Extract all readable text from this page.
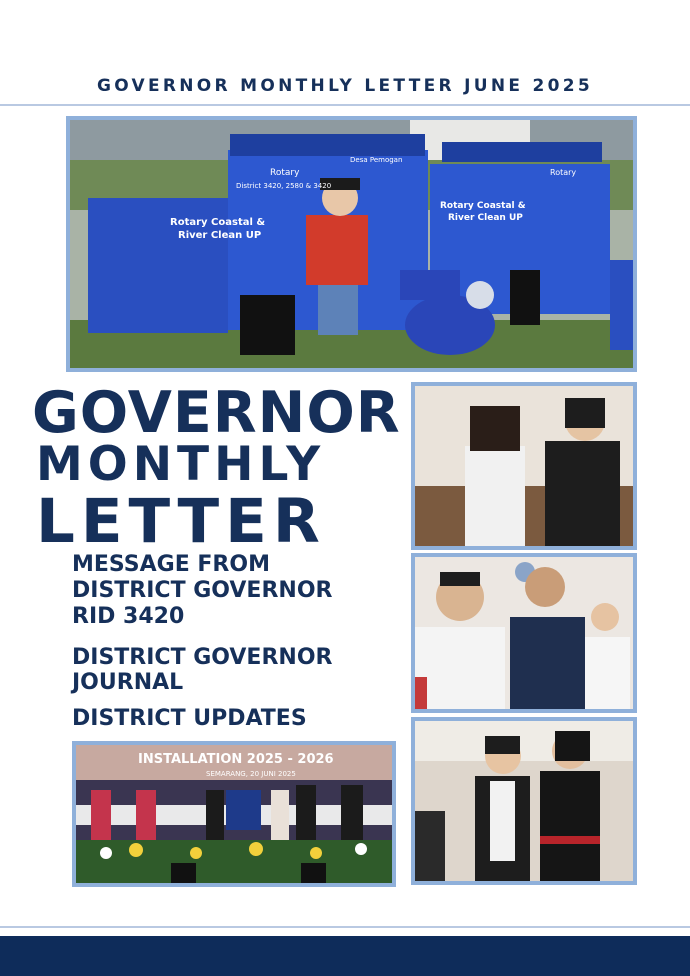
GOVERNOR MONTHLY LETTER JUNE 2025
Rotary Coastal &
River Clean UP
Rotary
Desa Pemogan
District 3420, 2580 & 3420
Rotary Coastal &
River Clean UP
Rotary
GOVERNOR
MONTHLY
LETTER
MESSAGE FROM
DISTRICT GOVERNOR
RID 3420
DISTRICT GOVERNOR
JOURNAL
DISTRICT UPDATES
INSTALLATION 2025 - 2026
SEMARANG, 20 JUNI 2025
